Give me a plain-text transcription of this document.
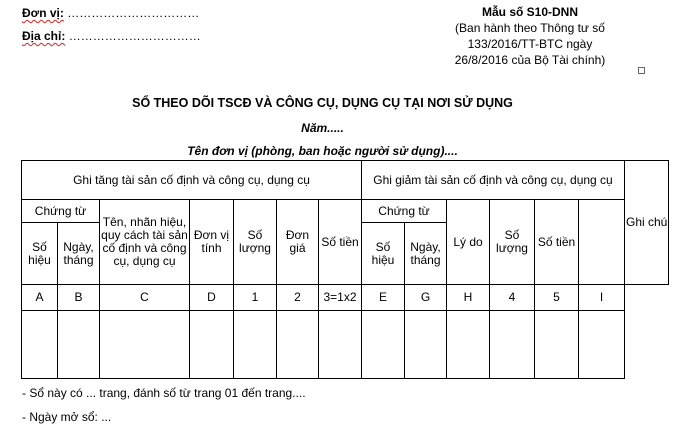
Đơn vị: ……………………………
Địa chỉ: ……………………………
Mẫu số S10-DNN
(Ban hành theo Thông tư số
133/2016/TT-BTC ngày
26/8/2016 của Bộ Tài chính)
SỔ THEO DÕI TSCĐ VÀ CÔNG CỤ, DỤNG CỤ TẠI NƠI SỬ DỤNG
Năm.....
Tên đơn vị (phòng, ban hoặc người sử dụng)....
Ghi tăng tài sản cố định và công cụ, dụng cụ							Ghi giảm tài sản cố định và công cụ, dụng cụ						Ghi chú
Chứng từ		Tên, nhãn hiệu, quy cách tài sản cố định và công cụ, dụng cụ	Đơn vị tính	Số lượng	Đơn giá	Số tiền	Chứng từ		Lý do	Số lượng	Số tiền		
Số hiệu	Ngày, tháng						Số hiệu	Ngày, tháng					
A	B	C	D	1	2	3=1x2	E	G	H	4	5	I	

- Sổ này có ... trang, đánh số từ trang 01 đến trang....
- Ngày mở sổ: ...
